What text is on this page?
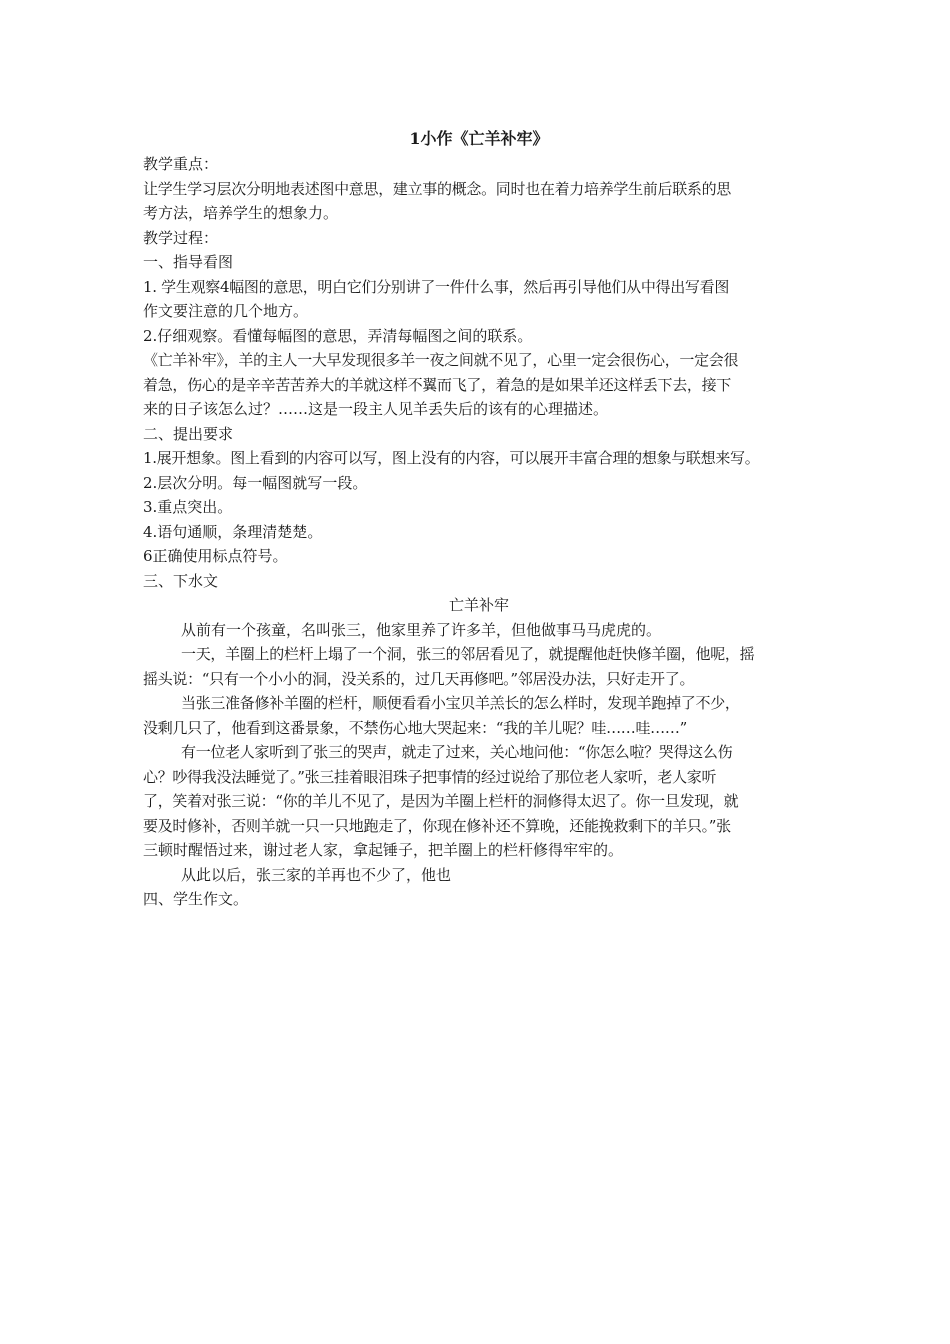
1小作《亡羊补牢》
教学重点：
让学生学习层次分明地表述图中意思，建立事的概念。同时也在着力培养学生前后联系的思
考方法，培养学生的想象力。
教学过程：
一、指导看图
1. 学生观察4幅图的意思，明白它们分别讲了一件什么事，然后再引导他们从中得出写看图
作文要注意的几个地方。
2.仔细观察。看懂每幅图的意思，弄清每幅图之间的联系。
《亡羊补牢》，羊的主人一大早发现很多羊一夜之间就不见了，心里一定会很伤心，一定会很
着急，伤心的是辛辛苦苦养大的羊就这样不翼而飞了，着急的是如果羊还这样丢下去，接下
来的日子该怎么过？……这是一段主人见羊丢失后的该有的心理描述。
二、提出要求
1.展开想象。图上看到的内容可以写，图上没有的内容，可以展开丰富合理的想象与联想来写。
2.层次分明。每一幅图就写一段。
3.重点突出。
4.语句通顺，条理清楚楚。
6正确使用标点符号。
三、下水文
亡羊补牢
从前有一个孩童，名叫张三，他家里养了许多羊，但他做事马马虎虎的。
一天，羊圈上的栏杆上塌了一个洞，张三的邻居看见了，就提醒他赶快修羊圈，他呢，摇
摇头说：“只有一个小小的洞，没关系的，过几天再修吧。”邻居没办法，只好走开了。
当张三准备修补羊圈的栏杆，顺便看看小宝贝羊羔长的怎么样时，发现羊跑掉了不少，
没剩几只了，他看到这番景象，不禁伤心地大哭起来：“我的羊儿呢？哇……哇……”
有一位老人家听到了张三的哭声，就走了过来，关心地问他：“你怎么啦？哭得这么伤
心？吵得我没法睡觉了。”张三挂着眼泪珠子把事情的经过说给了那位老人家听，老人家听
了，笑着对张三说：“你的羊儿不见了，是因为羊圈上栏杆的洞修得太迟了。你一旦发现，就
要及时修补，否则羊就一只一只地跑走了，你现在修补还不算晚，还能挽救剩下的羊只。”张
三顿时醒悟过来，谢过老人家，拿起锤子，把羊圈上的栏杆修得牢牢的。
从此以后，张三家的羊再也不少了，他也
四、学生作文。
